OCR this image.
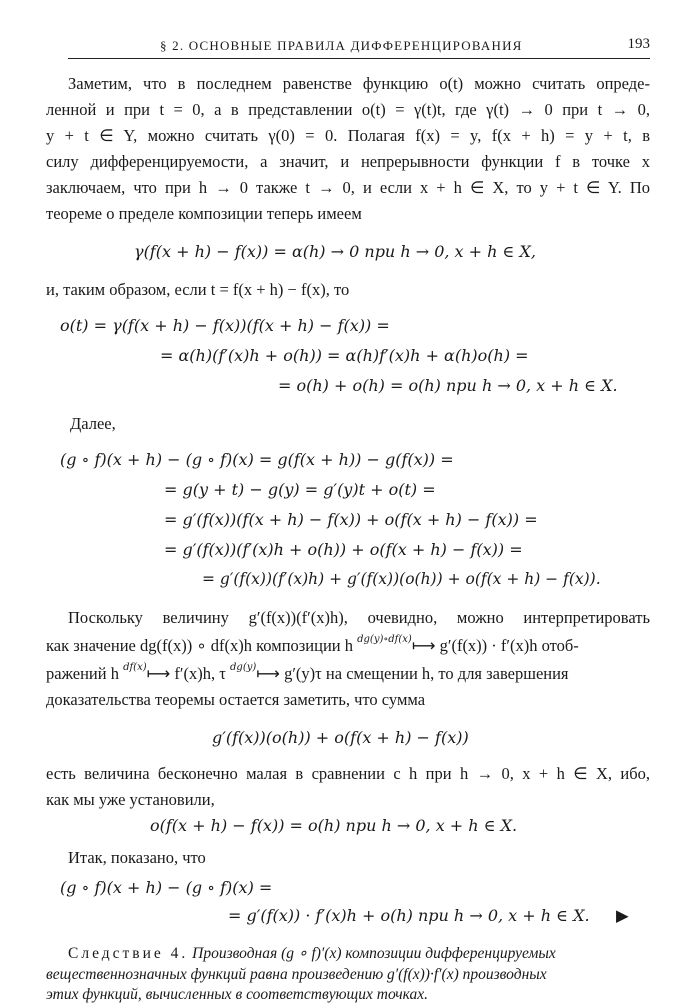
§ 2. ОСНОВНЫЕ ПРАВИЛА ДИФФЕРЕНЦИРОВАНИЯ	193
Заметим, что в последнем равенстве функцию o(t) можно считать опреде-
ленной и при t = 0, а в представлении o(t) = γ(t)t, где γ(t) → 0 при t → 0,
y + t ∈ Y, можно считать γ(0) = 0. Полагая f(x) = y, f(x + h) = y + t, в
силу дифференцируемости, а значит, и непрерывности функции f в точке x
заключаем, что при h → 0 также t → 0, и если x + h ∈ X, то y + t ∈ Y. По
теореме о пределе композиции теперь имеем
γ(f(x + h) − f(x)) = α(h) → 0 при h → 0, x + h ∈ X,
и, таким образом, если t = f(x + h) − f(x), то
o(t) = γ(f(x + h) − f(x))(f(x + h) − f(x)) =
= α(h)(f′(x)h + o(h)) = α(h)f′(x)h + α(h)o(h) =
= o(h) + o(h) = o(h) при h → 0, x + h ∈ X.
Далее,
(g ∘ f)(x + h) − (g ∘ f)(x) = g(f(x + h)) − g(f(x)) =
= g(y + t) − g(y) = g′(y)t + o(t) =
= g′(f(x))(f(x + h) − f(x)) + o(f(x + h) − f(x)) =
= g′(f(x))(f′(x)h + o(h)) + o(f(x + h) − f(x)) =
= g′(f(x))(f′(x)h) + g′(f(x))(o(h)) + o(f(x + h) − f(x)).
Поскольку величину g′(f(x))(f′(x)h), очевидно, можно интерпретировать
как значение dg(f(x)) ∘ df(x)h композиции h $^{dg(y)\circ df(x)}$⟼ g′(f(x)) · f′(x)h отоб-
ражений h $^{df(x)}$⟼ f′(x)h, τ $^{dg(y)}$⟼ g′(y)τ на смещении h, то для завершения
доказательства теоремы остается заметить, что сумма
g′(f(x))(o(h)) + o(f(x + h) − f(x))
есть величина бесконечно малая в сравнении с h при h → 0, x + h ∈ X, ибо,
как мы уже установили,
o(f(x + h) − f(x)) = o(h) при h → 0, x + h ∈ X.
Итак, показано, что
(g ∘ f)(x + h) − (g ∘ f)(x) =
= g′(f(x)) · f′(x)h + o(h) при h → 0, x + h ∈ X. ▶
Следствие 4. Производная (g ∘ f)′(x) композиции дифференцируемых
вещественнозначных функций равна произведению g′(f(x))·f′(x) производных
этих функций, вычисленных в соответствующих точках.
